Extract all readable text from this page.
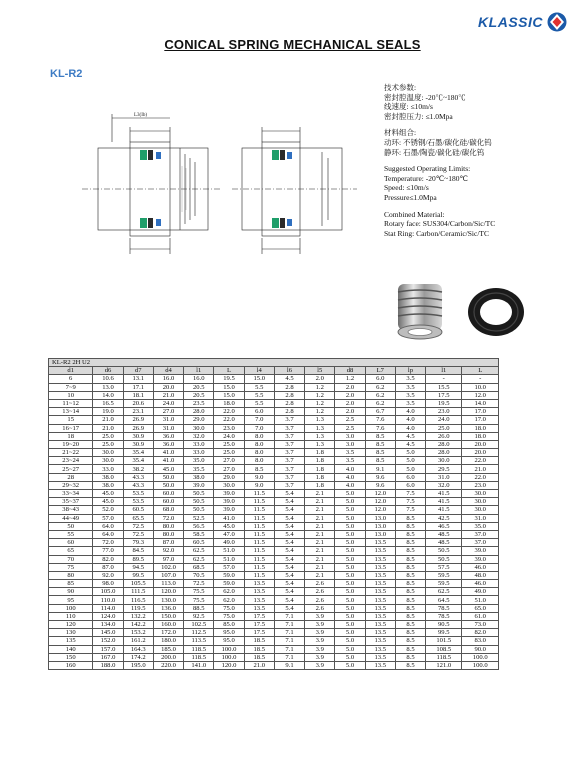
KLASSIC
CONICAL SPRING MECHANICAL SEALS
KL-R2
L3(Ib)
技术参数:
密封腔温度: -20℃~180℃
线速度: ≤10m/s
密封腔压力: ≤1.0Mpa
材料组合:
动环: 不锈钢/石墨/碳化硅/碳化钨
静环: 石墨/陶瓷/碳化硅/碳化钨
Suggested Operating Limits:
Temperature: -20℃~180℃
Speed: ≤10m/s
Pressure≤1.0Mpa
Combined Material:
Rotary face: SUS304/Carbon/Sic/TC
Stat Ring: Carbon/Ceramic/Sic/TC
KL-R2 2H U2													
d1	d6	d7	d4	l1	L	l4	l6	l5	d8	L7	lp	l1	L
6	10.6	13.1	16.0	16.0	19.5	15.0	4.5	2.0	1.2	6.0	3.5	-	-
7~9	13.0	17.1	20.0	20.5	15.0	5.5	2.8	1.2	2.0	6.2	3.5	15.5	10.0
10	14.0	18.1	21.0	20.5	15.0	5.5	2.8	1.2	2.0	6.2	3.5	17.5	12.0
11~12	16.5	20.6	24.0	23.5	18.0	5.5	2.8	1.2	2.0	6.2	3.5	19.5	14.0
13~14	19.0	23.1	27.0	28.0	22.0	6.0	2.8	1.2	2.0	6.7	4.0	23.0	17.0
15	21.0	26.9	31.0	29.0	22.0	7.0	3.7	1.3	2.5	7.6	4.0	24.0	17.0
16~17	21.0	26.9	31.0	30.0	23.0	7.0	3.7	1.3	2.5	7.6	4.0	25.0	18.0
18	25.0	30.9	36.0	32.0	24.0	8.0	3.7	1.3	3.0	8.5	4.5	26.0	18.0
19~20	25.0	30.9	36.0	33.0	25.0	8.0	3.7	1.3	3.0	8.5	4.5	28.0	20.0
21~22	30.0	35.4	41.0	33.0	25.0	8.0	3.7	1.8	3.5	8.5	5.0	28.0	20.0
23~24	30.0	35.4	41.0	35.0	27.0	8.0	3.7	1.8	3.5	8.5	5.0	30.0	22.0
25~27	33.0	38.2	45.0	35.5	27.0	8.5	3.7	1.8	4.0	9.1	5.0	29.5	21.0
28	38.0	43.3	50.0	38.0	29.0	9.0	3.7	1.8	4.0	9.6	6.0	31.0	22.0
29~32	38.0	43.3	50.0	39.0	30.0	9.0	3.7	1.8	4.0	9.6	6.0	32.0	23.0
33~34	45.0	53.5	60.0	50.5	39.0	11.5	5.4	2.1	5.0	12.0	7.5	41.5	30.0
35~37	45.0	53.5	60.0	50.5	39.0	11.5	5.4	2.1	5.0	12.0	7.5	41.5	30.0
38~43	52.0	60.5	68.0	50.5	39.0	11.5	5.4	2.1	5.0	12.0	7.5	41.5	30.0
44~49	57.0	65.5	72.0	52.5	41.0	11.5	5.4	2.1	5.0	13.0	8.5	42.5	31.0
50	64.0	72.5	80.0	56.5	45.0	11.5	5.4	2.1	5.0	13.0	8.5	46.5	35.0
55	64.0	72.5	80.0	58.5	47.0	11.5	5.4	2.1	5.0	13.0	8.5	48.5	37.0
60	72.0	79.3	87.0	60.5	49.0	11.5	5.4	2.1	5.0	13.5	8.5	48.5	37.0
65	77.0	84.5	92.0	62.5	51.0	11.5	5.4	2.1	5.0	13.5	8.5	50.5	39.0
70	82.0	89.5	97.0	62.5	51.0	11.5	5.4	2.1	5.0	13.5	8.5	50.5	39.0
75	87.0	94.5	102.0	68.5	57.0	11.5	5.4	2.1	5.0	13.5	8.5	57.5	46.0
80	92.0	99.5	107.0	70.5	59.0	11.5	5.4	2.1	5.0	13.5	8.5	59.5	48.0
85	98.0	105.5	113.0	72.5	59.0	13.5	5.4	2.6	5.0	13.5	8.5	59.5	46.0
90	105.0	111.5	120.0	75.5	62.0	13.5	5.4	2.6	5.0	13.5	8.5	62.5	49.0
95	110.0	116.5	130.0	75.5	62.0	13.5	5.4	2.6	5.0	13.5	8.5	64.5	51.0
100	114.0	119.5	136.0	88.5	75.0	13.5	5.4	2.6	5.0	13.5	8.5	78.5	65.0
110	124.0	132.2	150.0	92.5	75.0	17.5	7.1	3.9	5.0	13.5	8.5	78.5	61.0
120	134.0	142.2	160.0	102.5	85.0	17.5	7.1	3.9	5.0	13.5	8.5	90.5	73.0
130	145.0	153.2	172.0	112.5	95.0	17.5	7.1	3.9	5.0	13.5	8.5	99.5	82.0
135	152.0	161.2	180.0	113.5	95.0	18.5	7.1	3.9	5.0	13.5	8.5	101.5	83.0
140	157.0	164.3	185.0	118.5	100.0	18.5	7.1	3.9	5.0	13.5	8.5	108.5	90.0
150	167.0	174.2	200.0	118.5	100.0	18.5	7.1	3.9	5.0	13.5	8.5	118.5	100.0
160	188.0	195.0	220.0	141.0	120.0	21.0	9.1	3.9	5.0	13.5	8.5	121.0	100.0
